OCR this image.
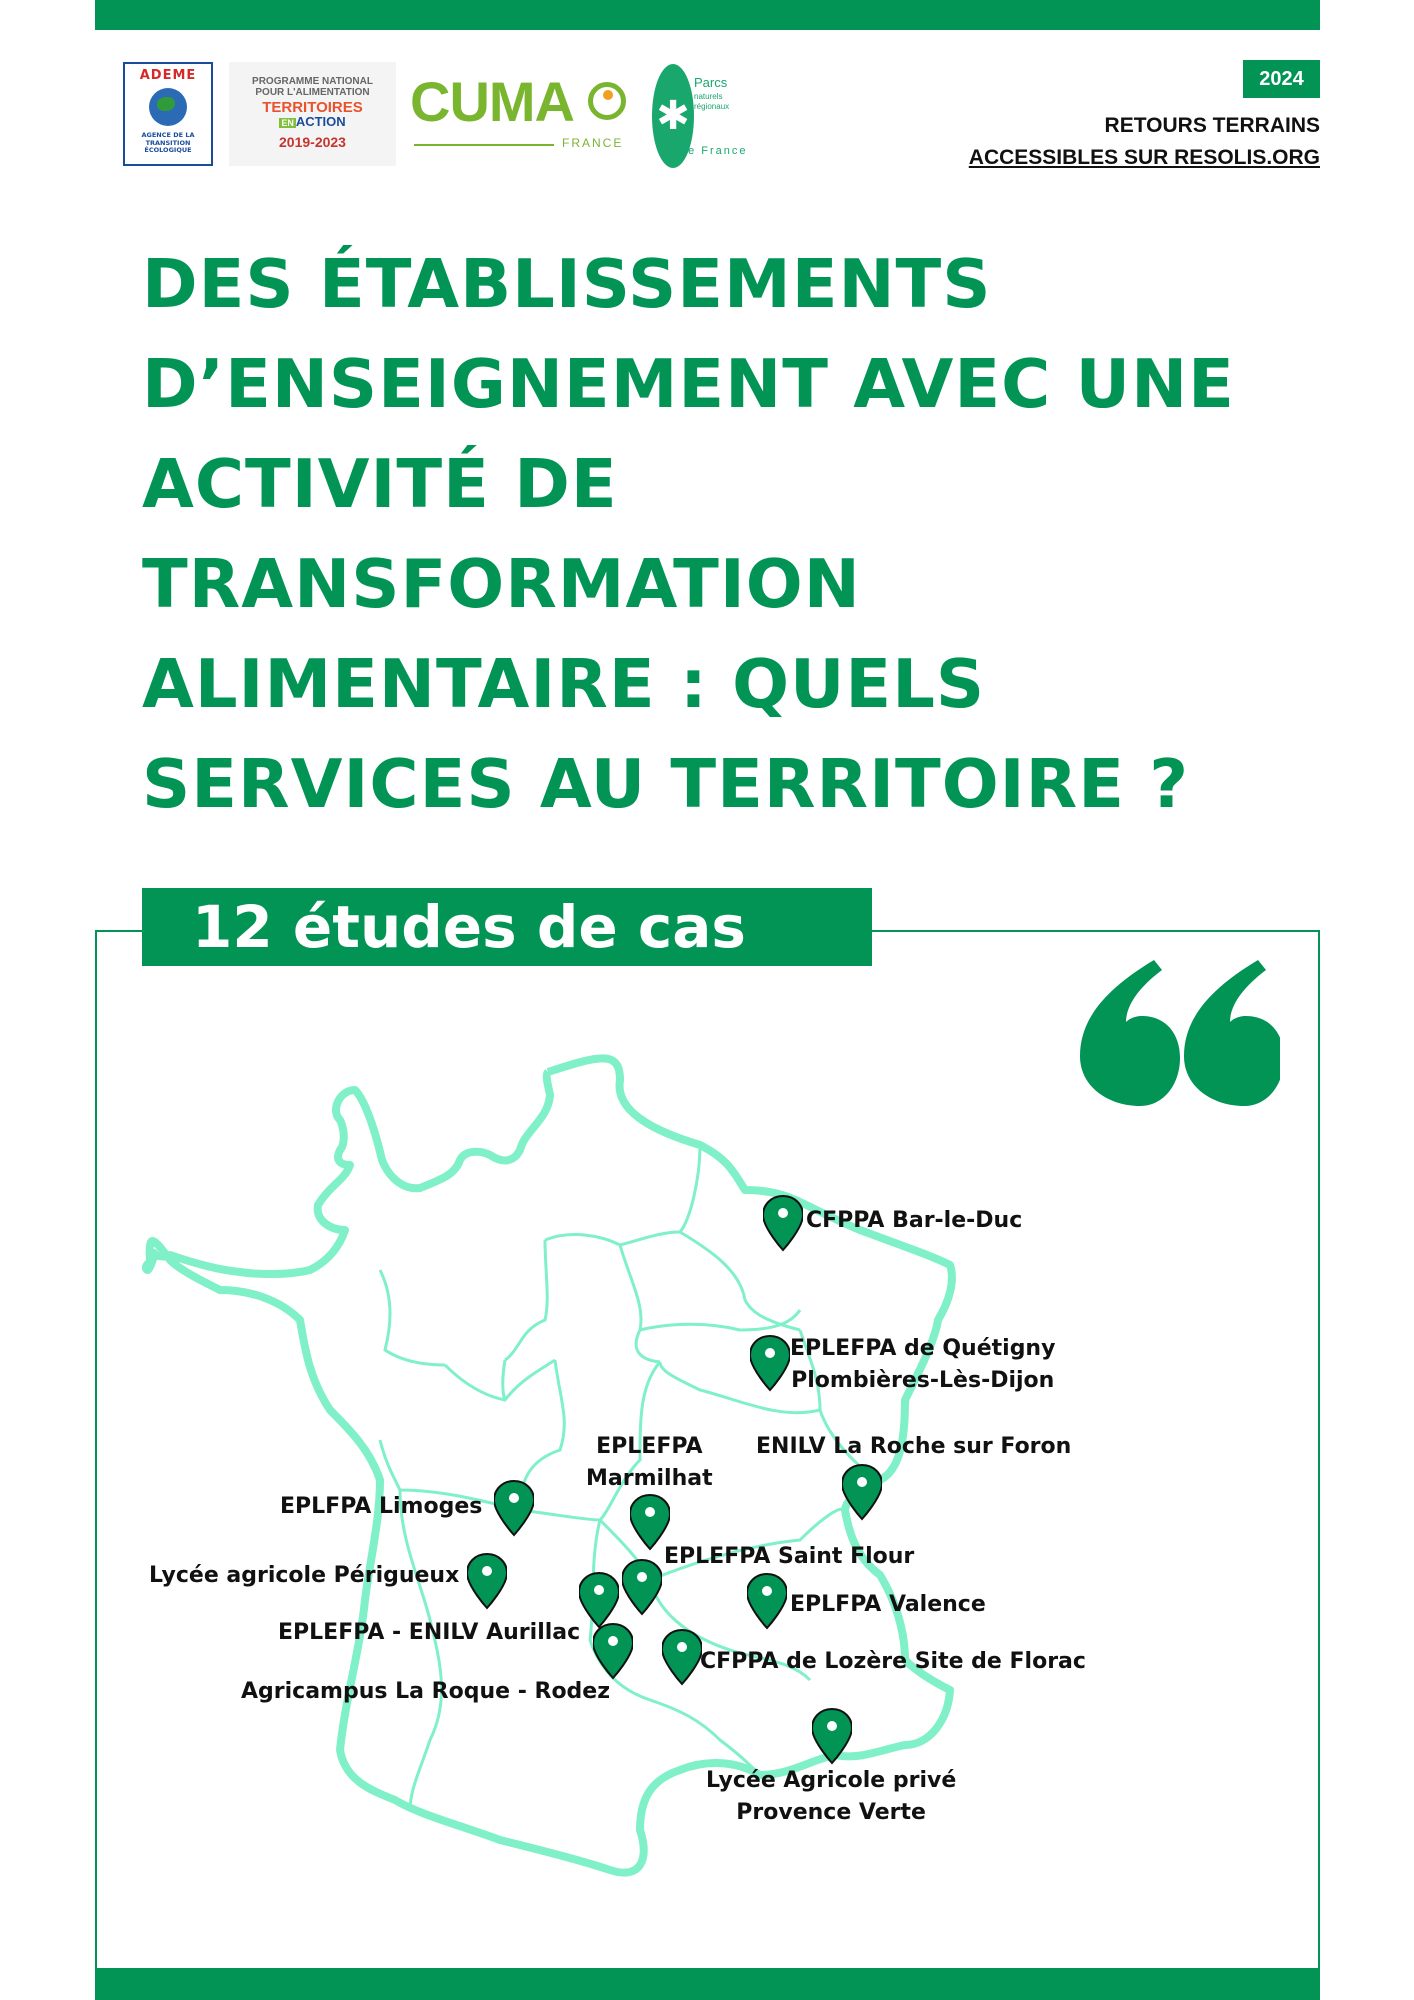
ADEME
AGENCE DE LA TRANSITION ÉCOLOGIQUE
PROGRAMME NATIONAL
POUR L'ALIMENTATION
TERRITOIRES
EN ACTION
2019-2023
CUMA
FRANCE
✱
Parcs
naturels
régionaux
de France
2024
RETOURS TERRAINS
ACCESSIBLES SUR RESOLIS.ORG
DES ÉTABLISSEMENTS
D’ENSEIGNEMENT AVEC UNE
ACTIVITÉ DE
TRANSFORMATION
ALIMENTAIRE : QUELS
SERVICES AU TERRITOIRE ?
12 études de cas
CFPPA Bar-le-Duc
EPLEFPA de Quétigny
Plombières-Lès-Dijon
ENILV La Roche sur Foron
EPLEFPA
Marmilhat
EPLFPA Limoges
EPLEFPA Saint Flour
Lycée agricole Périgueux
EPLFPA Valence
EPLEFPA - ENILV Aurillac
CFPPA de Lozère Site de Florac
Agricampus La Roque - Rodez
Lycée Agricole privé
Provence Verte
